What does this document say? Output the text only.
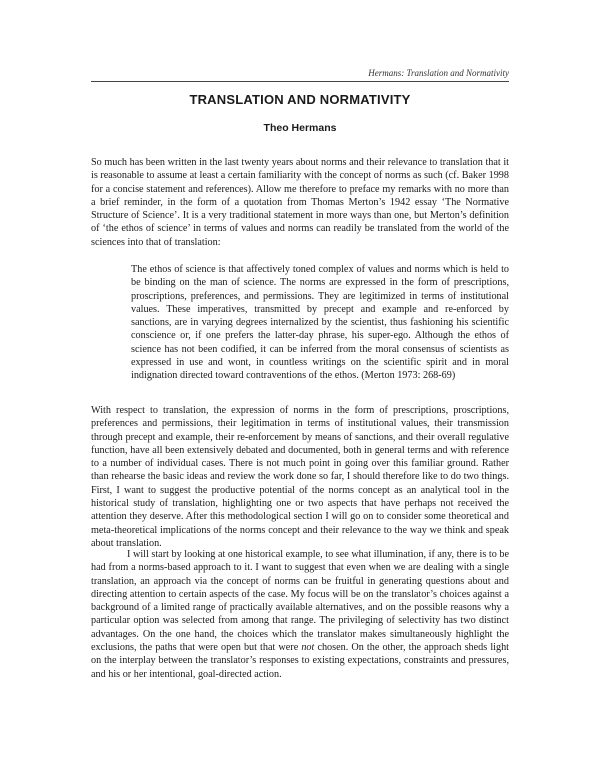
Hermans: Translation and Normativity
TRANSLATION AND NORMATIVITY
Theo Hermans

So much has been written in the last twenty years about norms and their relevance to translation that it is reasonable to assume at least a certain familiarity with the concept of norms as such (cf. Baker 1998 for a concise statement and references). Allow me therefore to preface my remarks with no more than a brief reminder, in the form of a quotation from Thomas Merton’s 1942 essay ‘The Normative Structure of Science’. It is a very traditional statement in more ways than one, but Merton’s definition of ‘the ethos of science’ in terms of values and norms can readily be translated from the world of the sciences into that of translation:

The ethos of science is that affectively toned complex of values and norms which is held to be binding on the man of science. The norms are expressed in the form of prescriptions, proscriptions, preferences, and permissions. They are legitimized in terms of institutional values. These imperatives, transmitted by precept and example and re-enforced by sanctions, are in varying degrees internalized by the scientist, thus fashioning his scientific conscience or, if one prefers the latter-day phrase, his super-ego. Although the ethos of science has not been codified, it can be inferred from the moral consensus of scientists as expressed in use and wont, in countless writings on the scientific spirit and in moral indignation directed toward contraventions of the ethos. (Merton 1973: 268-69)

With respect to translation, the expression of norms in the form of prescriptions, proscriptions, preferences and permissions, their legitimation in terms of institutional values, their transmission through precept and example, their re-enforcement by means of sanctions, and their overall regulative function, have all been extensively debated and documented, both in general terms and with reference to a number of individual cases. There is not much point in going over this familiar ground. Rather than rehearse the basic ideas and review the work done so far, I should therefore like to do two things. First, I want to suggest the productive potential of the norms concept as an analytical tool in the historical study of translation, highlighting one or two aspects that have perhaps not received the attention they deserve. After this methodological section I will go on to consider some theoretical and meta-theoretical implications of the norms concept and their relevance to the way we think and speak about translation.

I will start by looking at one historical example, to see what illumination, if any, there is to be had from a norms-based approach to it. I want to suggest that even when we are dealing with a single translation, an approach via the concept of norms can be fruitful in generating questions about and directing attention to certain aspects of the case. My focus will be on the translator’s choices against a background of a limited range of practically available alternatives, and on the possible reasons why a particular option was selected from among that range. The privileging of selectivity has two distinct advantages. On the one hand, the choices which the translator makes simultaneously highlight the exclusions, the paths that were open but that were not chosen. On the other, the approach sheds light on the interplay between the translator’s responses to existing expectations, constraints and pressures, and his or her intentional, goal-directed action.
